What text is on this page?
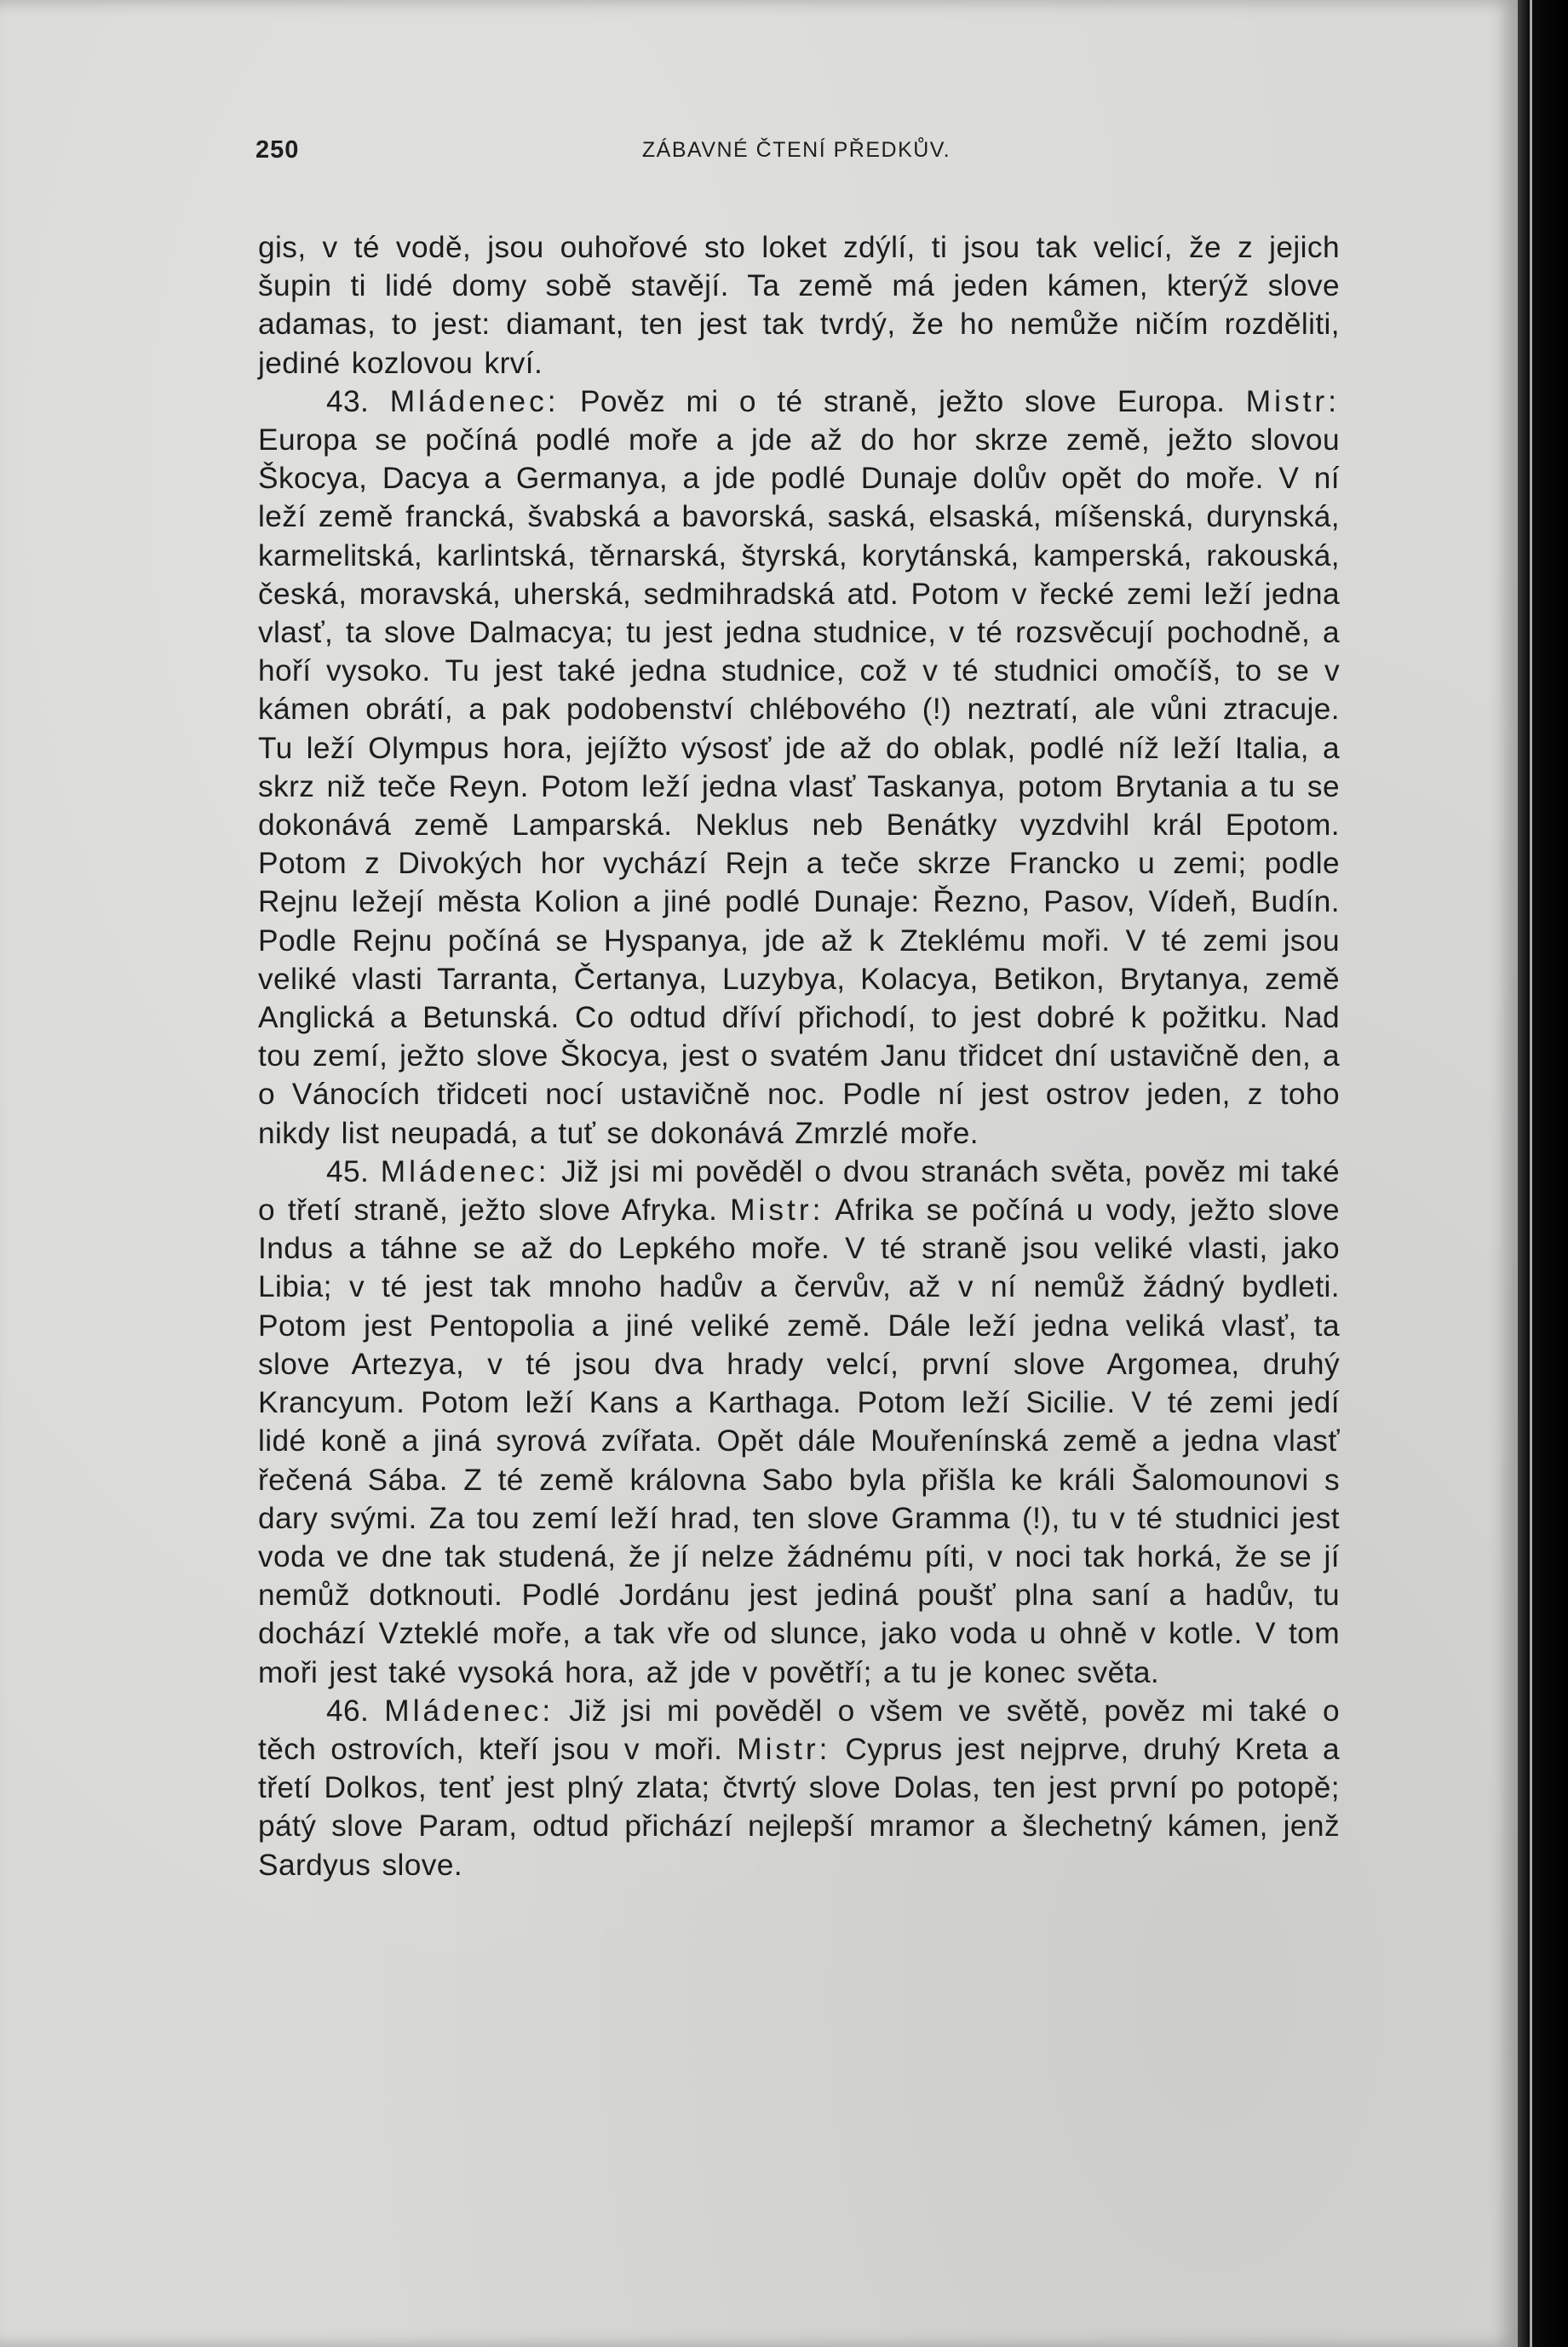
250	ZÁBAVNÉ ČTENÍ PŘEDKŮV.

gis, v té vodě, jsou ouhořové sto loket zdýlí, ti jsou tak velicí, že z jejich šupin ti lidé domy sobě stavějí. Ta země má jeden kámen, kterýž slove adamas, to jest: diamant, ten jest tak tvrdý, že ho nemůže ničím rozděliti, jediné kozlovou krví.

43. Mládenec: Pověz mi o té straně, ježto slove Europa. Mistr: Europa se počíná podlé moře a jde až do hor skrze země, ježto slovou Škocya, Dacya a Germanya, a jde podlé Dunaje dolův opět do moře. V ní leží země francká, švabská a bavorská, saská, elsaská, míšenská, durynská, karmelitská, karlintská, těrnarská, štyrská, korytánská, kamperská, rakouská, česká, moravská, uherská, sedmihradská atd. Potom v řecké zemi leží jedna vlasť, ta slove Dalmacya; tu jest jedna studnice, v té rozsvěcují pochodně, a hoří vysoko. Tu jest také jedna studnice, což v té studnici omočíš, to se v kámen obrátí, a pak podobenství chlébového (!) neztratí, ale vůni ztracuje. Tu leží Olympus hora, jejížto výsosť jde až do oblak, podlé níž leží Italia, a skrz niž teče Reyn. Potom leží jedna vlasť Taskanya, potom Brytania a tu se dokonává země Lamparská. Neklus neb Benátky vyzdvihl král Epotom. Potom z Divokých hor vychází Rejn a teče skrze Francko u zemi; podle Rejnu ležejí města Kolion a jiné podlé Dunaje: Řezno, Pasov, Vídeň, Budín. Podle Rejnu počíná se Hyspanya, jde až k Zteklému moři. V té zemi jsou veliké vlasti Tarranta, Čertanya, Luzybya, Kolacya, Betikon, Brytanya, země Anglická a Betunská. Co odtud dříví přichodí, to jest dobré k požitku. Nad tou zemí, ježto slove Škocya, jest o svatém Janu třidcet dní ustavičně den, a o Vánocích třidceti nocí ustavičně noc. Podle ní jest ostrov jeden, z toho nikdy list neupadá, a tuť se dokonává Zmrzlé moře.

45. Mládenec: Již jsi mi pověděl o dvou stranách světa, pověz mi také o třetí straně, ježto slove Afryka. Mistr: Afrika se počíná u vody, ježto slove Indus a táhne se až do Lepkého moře. V té straně jsou veliké vlasti, jako Libia; v té jest tak mnoho hadův a červův, až v ní nemůž žádný bydleti. Potom jest Pentopolia a jiné veliké země. Dále leží jedna veliká vlasť, ta slove Artezya, v té jsou dva hrady velcí, první slove Argomea, druhý Krancyum. Potom leží Kans a Karthaga. Potom leží Sicilie. V té zemi jedí lidé koně a jiná syrová zvířata. Opět dále Mouřenínská země a jedna vlasť řečená Sába. Z té země královna Sabo byla přišla ke králi Šalomounovi s dary svými. Za tou zemí leží hrad, ten slove Gramma (!), tu v té studnici jest voda ve dne tak studená, že jí nelze žádnému píti, v noci tak horká, že se jí nemůž dotknouti. Podlé Jordánu jest jediná poušť plna saní a hadův, tu dochází Vzteklé moře, a tak vře od slunce, jako voda u ohně v kotle. V tom moři jest také vysoká hora, až jde v povětří; a tu je konec světa.

46. Mládenec: Již jsi mi pověděl o všem ve světě, pověz mi také o těch ostrovích, kteří jsou v moři. Mistr: Cyprus jest nejprve, druhý Kreta a třetí Dolkos, tenť jest plný zlata; čtvrtý slove Dolas, ten jest první po potopě; pátý slove Param, odtud přichází nejlepší mramor a šlechetný kámen, jenž Sardyus slove.
